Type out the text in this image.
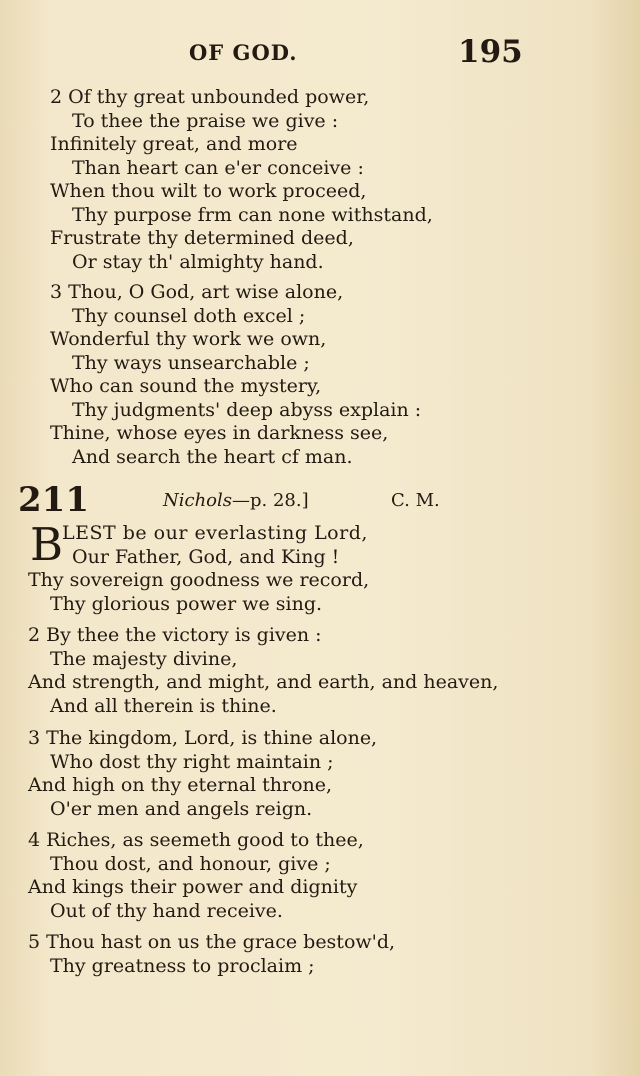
OF GOD.	195
2 Of thy great unbounded power,
To thee the praise we give :
Infinitely great, and more
Than heart can e'er conceive :
When thou wilt to work proceed,
Thy purpose frm can none withstand,
Frustrate thy determined deed,
Or stay th' almighty hand.
3 Thou, O God, art wise alone,
Thy counsel doth excel ;
Wonderful thy work we own,
Thy ways unsearchable ;
Who can sound the mystery,
Thy judgments' deep abyss explain :
Thine, whose eyes in darkness see,
And search the heart cf man.
211	Nichols—p. 28.]	C. M.
B
LEST be our everlasting Lord,
Our Father, God, and King !
Thy sovereign goodness we record,
Thy glorious power we sing.
2 By thee the victory is given :
The majesty divine,
And strength, and might, and earth, and heaven,
And all therein is thine.
3 The kingdom, Lord, is thine alone,
Who dost thy right maintain ;
And high on thy eternal throne,
O'er men and angels reign.
4 Riches, as seemeth good to thee,
Thou dost, and honour, give ;
And kings their power and dignity
Out of thy hand receive.
5 Thou hast on us the grace bestow'd,
Thy greatness to proclaim ;
